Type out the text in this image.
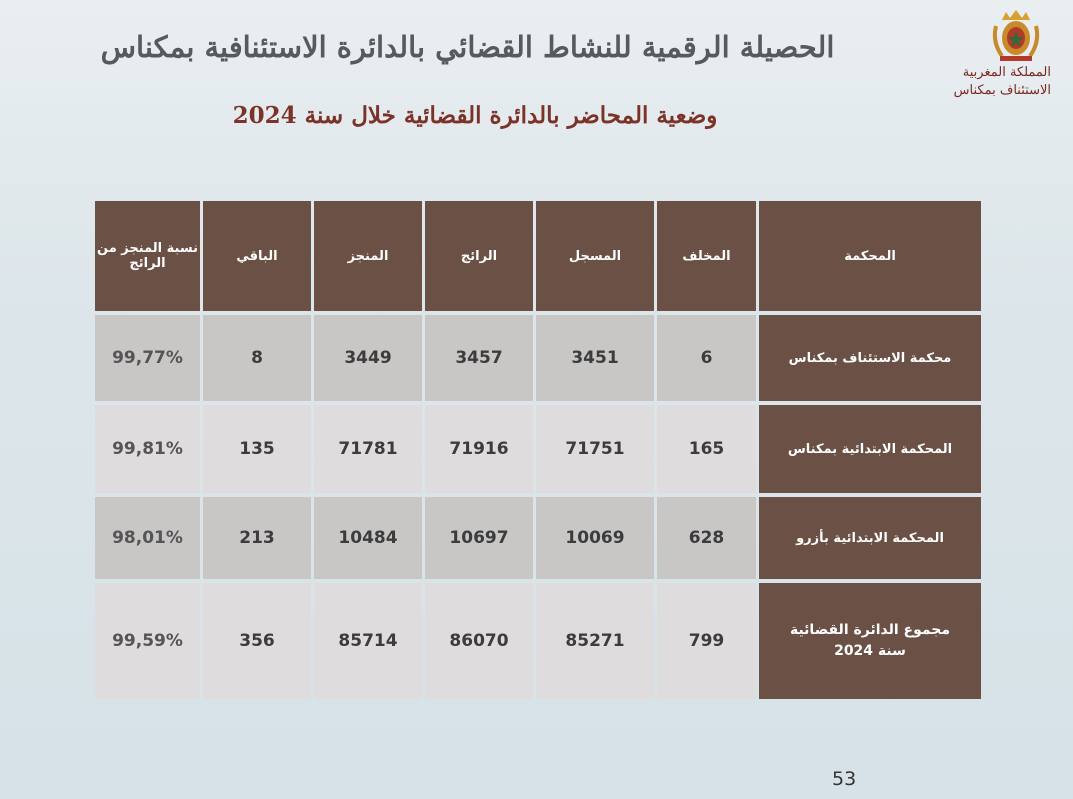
المملكة المغربية
الاستئناف بمكناس
الحصيلة الرقمية للنشاط القضائي بالدائرة الاستئنافية بمكناس
وضعية المحاضر بالدائرة القضائية خلال سنة 2024
نسبة المنجز من الرائج	الباقي	المنجز	الرائج	المسجل	المخلف	المحكمة
99,77%	8	3449	3457	3451	6	محكمة الاستئناف بمكناس
99,81%	135	71781	71916	71751	165	المحكمة الابتدائية بمكناس
98,01%	213	10484	10697	10069	628	المحكمة الابتدائية بأزرو
99,59%	356	85714	86070	85271	799	مجموع الدائرة القضائية
سنة 2024
53
